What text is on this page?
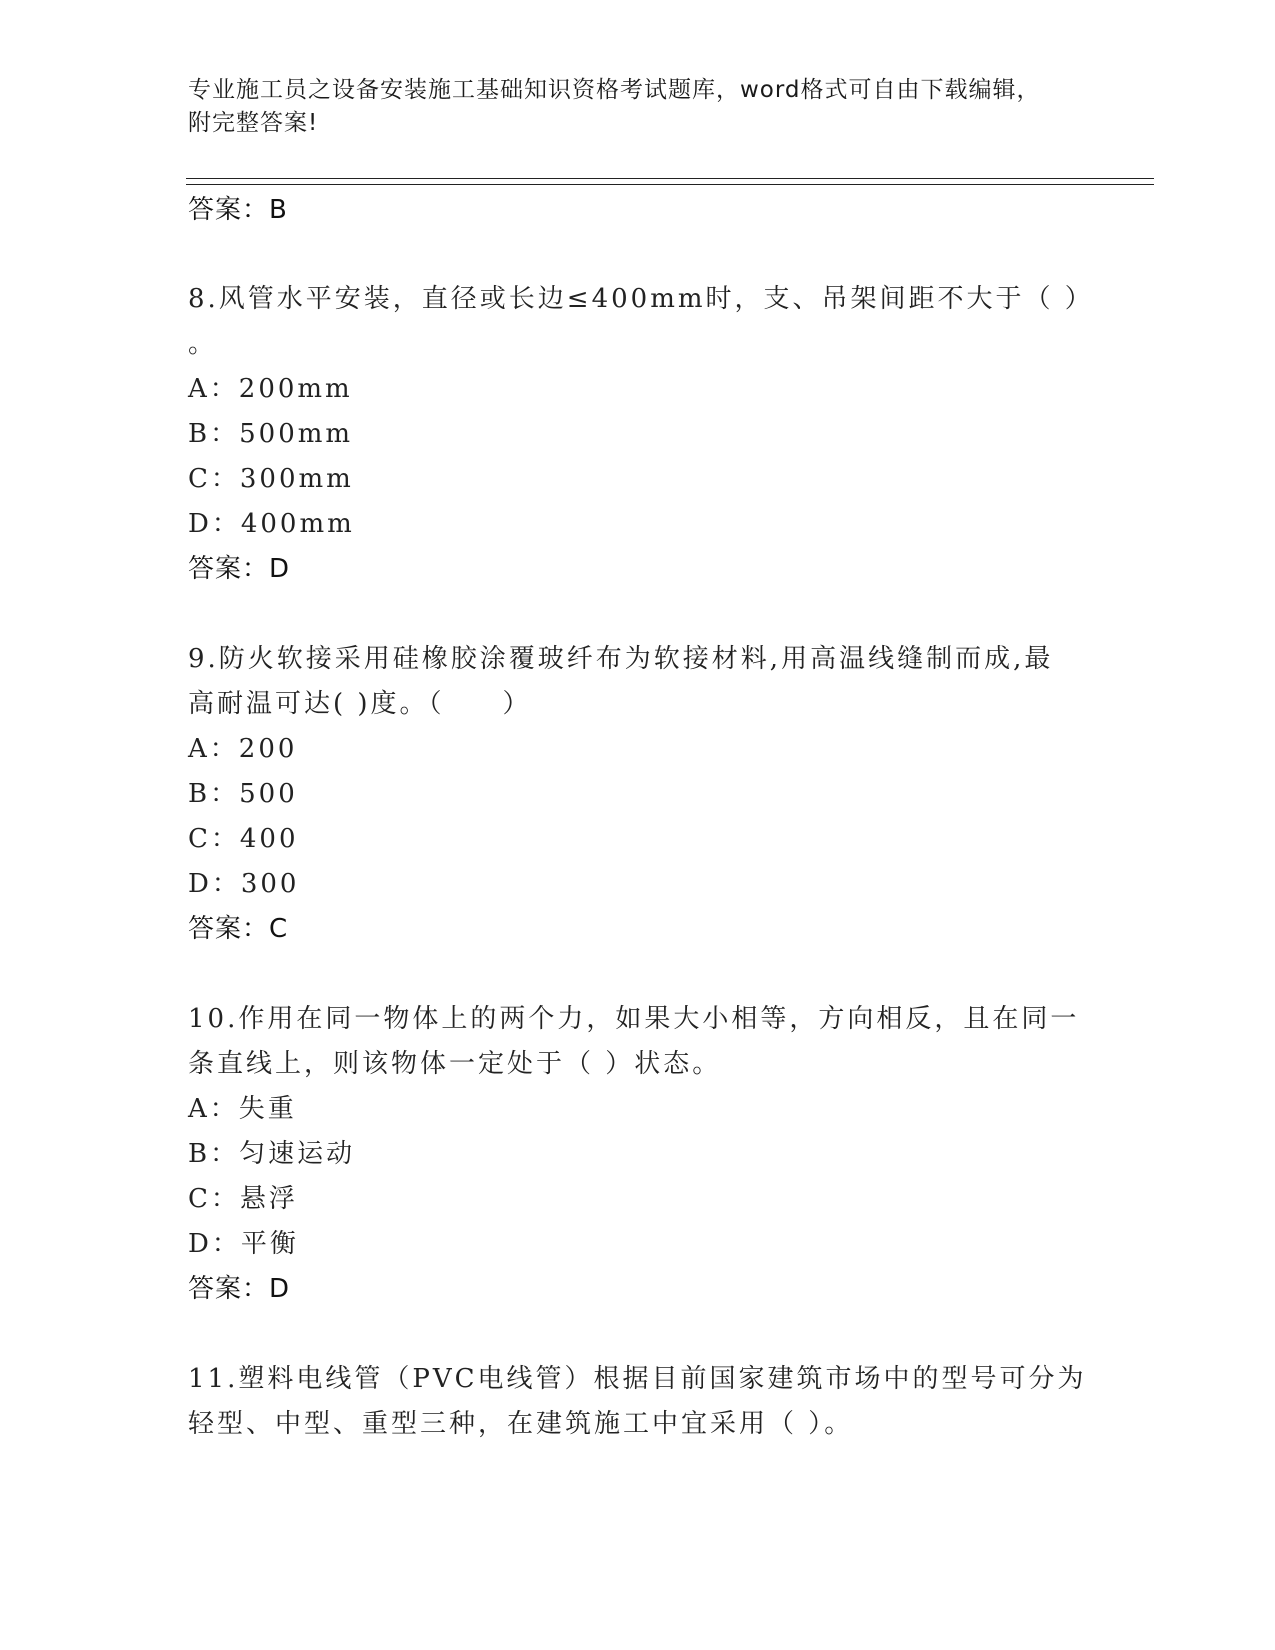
专业施工员之设备安装施工基础知识资格考试题库，word格式可自由下载编辑，
附完整答案!
答案：B
8.风管水平安装，直径或长边≤400mm时，支、吊架间距不大于（ ）
。
A：200mm
B：500mm
C：300mm
D：400mm
答案：D
9.防火软接采用硅橡胶涂覆玻纤布为软接材料,用高温线缝制而成,最
高耐温可达( )度。（　　）
A：200
B：500
C：400
D：300
答案：C
10.作用在同一物体上的两个力，如果大小相等，方向相反，且在同一
条直线上，则该物体一定处于（ ）状态。
A：失重
B：匀速运动
C：悬浮
D：平衡
答案：D
11.塑料电线管（PVC电线管）根据目前国家建筑市场中的型号可分为
轻型、中型、重型三种，在建筑施工中宜采用（ ）。
